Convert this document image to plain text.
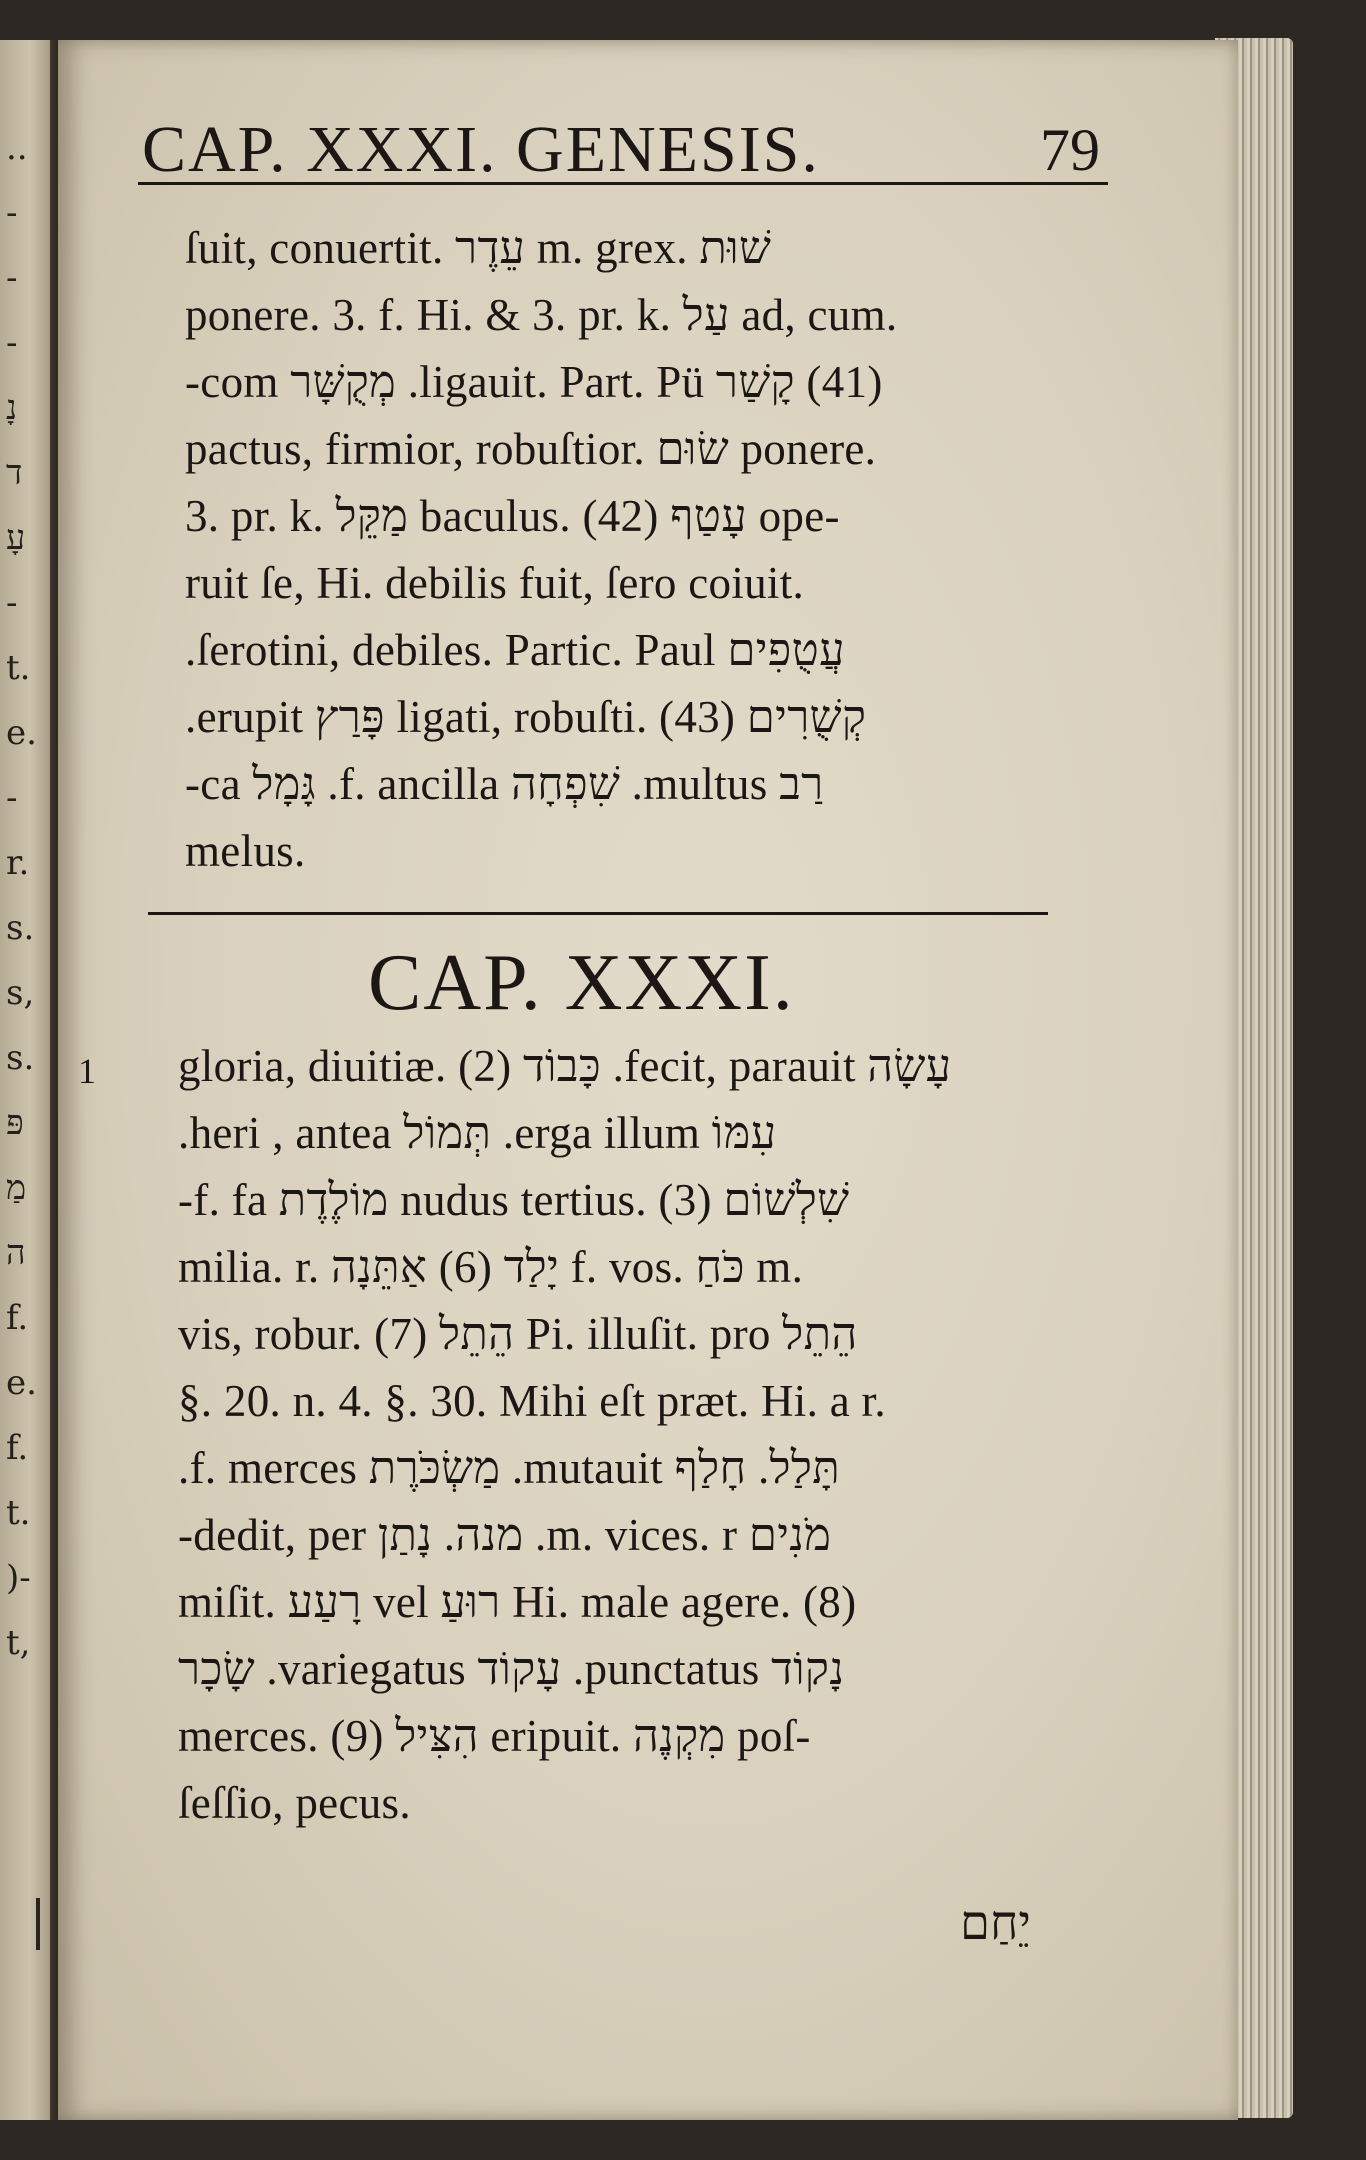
..
-
-
-
נָ
ד
עָ
-
t.
e.
-
r.
s.
s,
s.
פּ
מַ
ה
f.
e.
f.
t.
)-
t,
CAP. XXXI. GENESIS.	79
ſuit, conuertit. עֵדֶר m. grex. שׁוּת
ponere. 3. f. Hi. & 3. pr. k. עַל ad, cum.
(41) קָשַׁר ligauit. Part. Pü. מְקֻשָּׁר com-
pactus, firmior, robuſtior. שׂוּם ponere.
3. pr. k. מַקֵּל baculus. (42) עָטַף ope-
ruit ſe, Hi. debilis fuit, ſero coiuit.
עֲטֻפִים ſerotini, debiles. Partic. Paul.
קְשֻׁרִים ligati, robuſti. (43) פָּרַץ erupit.
רַב multus. שִׁפְחָה f. ancilla. גָּמָל ca-
melus.
CAP. XXXI.
1 עָשָׂה fecit, parauit. כָּבוֹד gloria, diuitiæ. (2)
עִמּוֹ erga illum. תְּמוֹל heri , antea.
שִׁלְשׁוֹם nudus tertius. (3) מוֹלֶדֶת f. fa-
milia. r. יָלַד (6) אַתֵּנָה f. vos. כֹּחַ m.
vis, robur. (7) הֵתֵל Pi. illuſit. pro הֵתֵל
§. 20. n. 4. §. 30. Mihi eſt præt. Hi. a r.
תָּלַל. חָלַף mutauit. מַשְׂכֹּרֶת f. merces.
מֹנִים m. vices. r. מנה. נָתַן dedit, per-
miſit. רָעַע vel רוּעַ Hi. male agere. (8)
נָקוֹד punctatus. עָקוֹד variegatus. שָׂכָר
merces. (9) הִצִּיל eripuit. מִקְנֶה poſ-
ſeſſio, pecus.
יֵחַם
